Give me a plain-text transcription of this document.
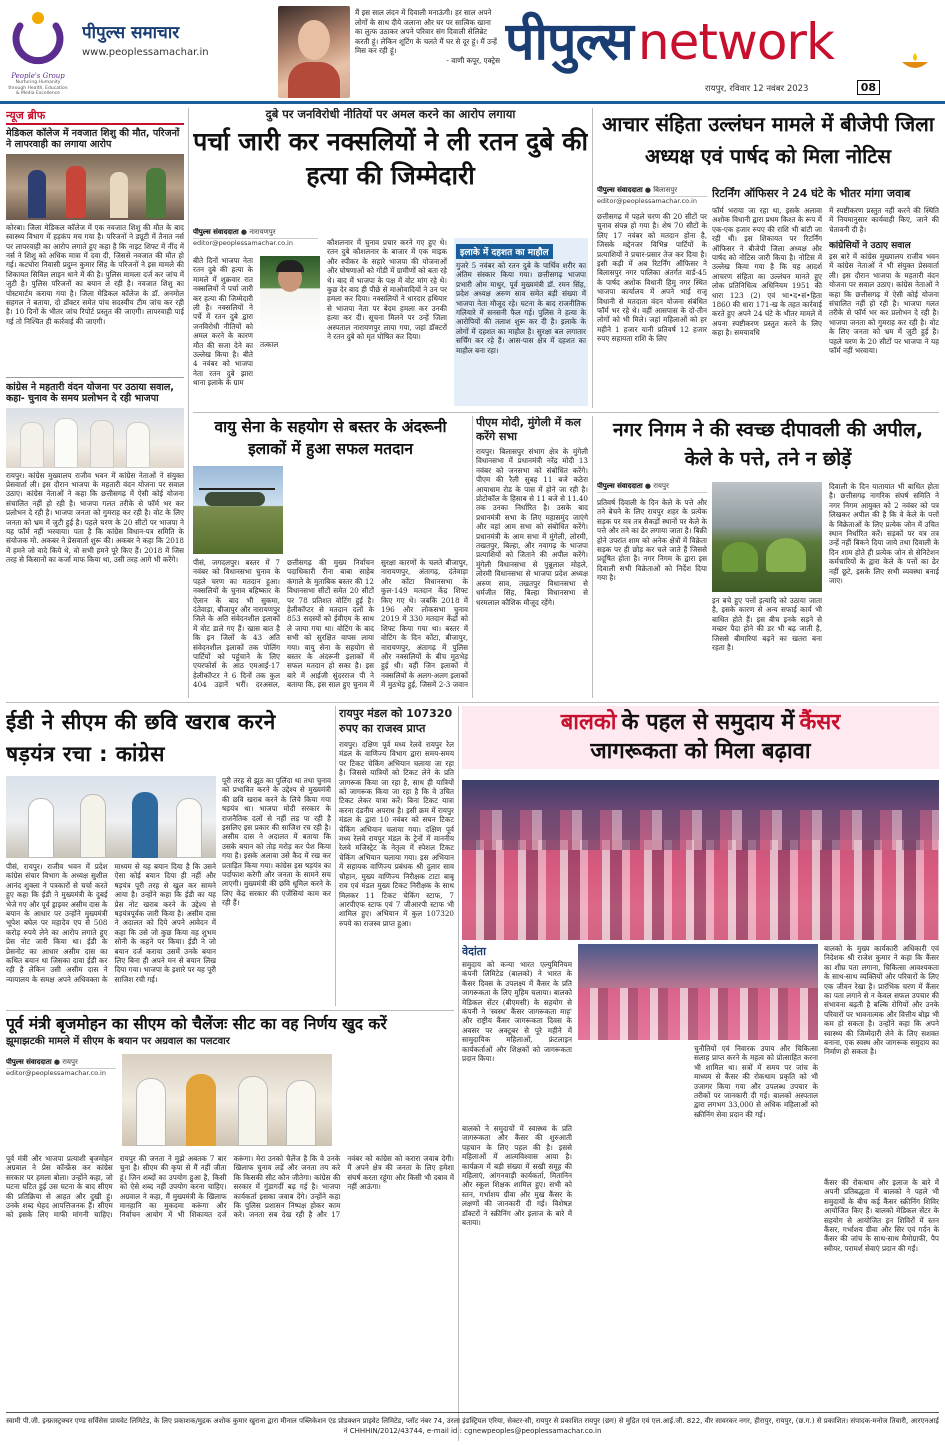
People's Group
Nurturing Humanity through Health, Education & Media Excellence
पीपुल्स समाचार
www.peoplessamachar.in
मैं इस साल लंदन में दिवाली मनाऊंगी। हर साल अपने लोगों के साथ दीये जलाना और घर पर सात्विक खाना का लुत्फ उठाकर अपने परिवार संग दिवाली सेलिब्रेट करती हूं। लेकिन शूटिंग के चलते मैं घर से दूर हूं। मैं उन्हें मिस कर रही हूं।
- वाणी कपूर, एक्ट्रेस पीपुल्स network
08
रायपुर, रविवार 12 नवंबर 2023
न्यूज ब्रीफ
मेडिकल कॉलेज में नवजात शिशु की मौत, परिजनों ने लापरवाही का लगाया आरोप
कोरबा। जिला मेडिकल कॉलेज में एक नवजात शिशु की मौत के बाद स्वास्थ्य विभाग में हड़कंप मच गया है। परिजनों ने ड्यूटी में तैनात नर्स पर लापरवाही का आरोप लगाते हुए कहा है कि नाइट शिफ्ट में नींद में नर्स ने शिशु को अधिक मात्रा में दवा दी, जिससे नवजात की मौत हो गई। कटघोरा निवासी प्रदुम्न कुमार सिंह के परिजनों ने इस मामले की शिकायत सिविल लाइन थाने में की है। पुलिस मामला दर्ज कर जांच में जुटी है। पुलिस परिजनों का बयान ले रही है। नवजात शिशु का पोस्टमार्टम कराया गया है। जिला मेडिकल कॉलेज के डॉ. अनमोल सहगल ने बताया, दो डॉक्टर समेत पांच सदस्यीय टीम जांच कर रही है। 10 दिनों के भीतर जांच रिपोर्ट प्रस्तुत की जाएगी। लापरवाही पाई गई तो निश्चित ही कार्रवाई की जाएगी।
कांग्रेस ने महतारी वंदन योजना पर उठाया सवाल, कहा- चुनाव के समय प्रलोभन दे रही भाजपा
रायपुर। कांग्रेस मुख्यालय राजीव भवन में कांग्रेस नेताओं ने संयुक्त प्रेसवार्ता ली। इस दौरान भाजपा के महतारी वंदन योजना पर सवाल उठाए। कांग्रेस नेताओं ने कहा कि छत्तीसगढ़ में ऐसी कोई योजना संचालित नहीं हो रही है। भाजपा गलत तरीके से फॉर्म भर कर प्रलोभन दे रही है। भाजपा जनता को गुमराह कर रही है। वोट के लिए जनता को भ्रम में जुटी हुई है। पहले चरण के 20 सीटों पर भाजपा ने यह फॉर्म नहीं भरवाया। पता है कि कांग्रेस विधान-पत्र समिति के संयोजक मो. अकबर ने प्रेसवार्ता शुरू की। अकबर ने कहा कि 2018 में हमने जो वादे किये थे, वो सभी हमने पूरे किए हैं। 2018 में जिस तरह से किसानों का कर्जा माफ किया था, उसी तरह आगे भी करेंगे।
दुबे पर जनविरोधी नीतियों पर अमल करने का आरोप लगाया
पर्चा जारी कर नक्सलियों ने ली रतन दुबे की हत्या की जिम्मेदारी
पीपुल्स संवाददाता ● नारायणपुर
editor@peoplessamachar.co.in
बीते दिनों भाजपा नेता रतन दुबे की हत्या के मामले में शुक्रवार रात नक्सलियों ने पर्चा जारी कर हत्या की जिम्मेदारी ली है। नक्सलियों ने पर्चे में रतन दुबे द्वारा जनविरोधी नीतियों को अमल करने के कारण मौत की सजा देने का उल्लेख किया है। बीते 4 नवंबर को भाजपा नेता रतन दुबे झारा थाना इलाके के ग्राम
तत्काल
कौशलनार में चुनाव प्रचार करने गए हुए थे। रतन दुबे कौशलनार के बाजार में एक माइक और स्पीकर के सहारे भाजपा की योजनाओं और घोषणाओं को गोंडी में ग्रामीणों को बता रहे थे। बाद में भाजपा के पक्ष में वोट मांग रहे थे। कुछ देर बाद ही पीछे से माओवादियों ने उन पर हमला कर दिया। नक्सलियों ने धारदार हथियार से भाजपा नेता पर बेदम हमला कर उनकी हत्या कर दी। सूचना मिलने पर उन्हें जिला अस्पताल नारायणपुर लाया गया, जहां डॉक्टरों ने रतन दुबे को मृत घोषित कर दिया।
इलाके में दहशत का माहौल
गुजरे 5 नवंबर को रतन दुबे के पार्थिव शरीर का अंतिम संस्कार किया गया। छत्तीसगढ़ भाजपा प्रभारी ओम माथुर, पूर्व मुख्यमंत्री डॉ. रमन सिंह, प्रदेश अध्यक्ष अरुण साव समेत बड़ी संख्या में भाजपा नेता मौजूद रहे। घटना के बाद राजनीतिक गलियारे में सनसनी फैल गई। पुलिस ने हत्या के आरोपियों की तलाश शुरू कर दी है। इलाके के लोगों में दहशत का माहौल है। सुरक्षा बल लगातार सर्चिंग कर रहे हैं। आस-पास क्षेत्र में दहशत का माहौल बना रहा।
आचार संहिता उल्लंघन मामले में बीजेपी जिला अध्यक्ष एवं पार्षद को मिला नोटिस
पीपुल्स संवाददाता ● बिलासपुर
editor@peoplessamachar.co.in
छत्तीसगढ़ में पहले चरण की 20 सीटों पर चुनाव संपन्न हो गया है। शेष 70 सीटों के लिए 17 नवंबर को मतदान होना है, जिसके मद्देनजर विभिन्न पार्टियों के प्रत्याशियों ने प्रचार-प्रसार तेज कर दिया है। इसी कड़ी में अब रिटर्निंग ऑफिसर ने बिलासपुर नगर पालिका अंतर्गत वार्ड-45 के पार्षद अशोक विधानी हिमु नगर स्थित भाजपा कार्यालय में अपने भाई राजू विधानी से मतदाता वंदन योजना संबंधित फॉर्म भर रहे थे। वहीं आसपास के दो-तीन लोगों को भी मिले। जहां महिलाओं को हर महीने 1 हजार यानी प्रतिवर्ष 12 हजार रुपए सहायता राशि के लिए
रिटर्निंग ऑफिसर ने 24 घंटे के भीतर मांगा जवाब
फॉर्म भराया जा रहा था, इसके अलावा अशोक विधानी द्वारा प्रथम किश्त के रूप में एक-एक हजार रुपए की राशि भी बांटी जा रही थी। इस शिकायत पर रिटर्निंग ऑफिसर ने बीजेपी जिला अध्यक्ष और पार्षद को नोटिस जारी किया है। नोटिस में उल्लेख किया गया है कि यह आदर्श आचरण संहिता का उल्लंघन मानते हुए लोक प्रतिनिधित्व अधिनियम 1951 की धारा 123 (2) एवं भा•द•सं•हिता 1860 की धारा 171-ख के तहत कार्रवाई करते हुए अपने 24 घंटे के भीतर मामले में अपना स्पष्टीकरण प्रस्तुत करने के लिए कहा है। समयावधि
में स्पष्टीकरण प्रस्तुत नहीं करने की स्थिति में नियमानुसार कार्यवाही किए, जाने की चेतावनी दी है।
कांग्रेसियों ने उठाए सवाल
इस बारे में कांग्रेस मुख्यालय राजीव भवन में कांग्रेस नेताओं ने भी संयुक्त प्रेसवार्ता ली। इस दौरान भाजपा के महतारी वंदन योजना पर सवाल उठाए। कांग्रेस नेताओं ने कहा कि छत्तीसगढ़ में ऐसी कोई योजना संचालित नहीं हो रही है। भाजपा गलत तरीके से फॉर्म भर कर प्रलोभन दे रही है। भाजपा जनता को गुमराह कर रही है। वोट के लिए जनता को भ्रम में जुटी हुई है। पहले चरण के 20 सीटों पर भाजपा ने यह फॉर्म नहीं भरवाया।
वायु सेना के सहयोग से बस्तर के अंदरूनी इलाकों में हुआ सफल मतदान
पीसं, जगदलपुर। बस्तर में 7 नवंबर को विधानसभा चुनाव के पहले चरण का मतदान हुआ। नक्सलियों के चुनाव बहिष्कार के ऐलान के बाद भी सुकमा, दंतेवाड़ा, बीजापुर और नारायणपुर जिले के अति संवेदनशील इलाकों में वोट डाले गए हैं। खास बात है कि इन जिलों के 43 अति संवेदनशील इलाकों तक पोलिंग पार्टियों को पहुंचाने के लिए एयरफोर्स के आठ एमआई-17 हेलीकॉप्टर ने 6 दिनों तक कुल 404 उड़ानें भरीं। दरअसल, छत्तीसगढ़ की मुख्य निर्वाचन पदाधिकारी रीना बाबा साहेब कंगाले के मुताबिक बस्तर की 12 विधानसभा सीटों समेत 20 सीटों पर 78 प्रतिशत वोटिंग हुई है। हेलीकॉप्टर से मतदान दलों के 853 सदस्यों को ईवीएम के साथ ले जाया गया था। वोटिंग के बाद सभी को सुरक्षित वापस लाया गया। वायु सेना के सहयोग से बस्तर के अंदरूनी इलाकों में सफल मतदान हो सका है। इस बारे में आईजी सुंदरराज पी ने बताया कि, इस साल हुए चुनाव में सुरक्षा कारणों के चलते बीजापुर, नारायणपुर, अंतागढ़, दंतेवाड़ा और कोंटा विधानसभा के कुल-149 मतदान केंद्र शिफ्ट किए गए थे। जबकि 2018 में 196 और लोकसभा चुनाव 2019 में 330 मतदान केंद्रों को शिफ्ट किया गया था। बस्तर में वोटिंग के दिन कोंटा, बीजापुर, नारायणपुर, अंतागढ़ में पुलिस और नक्सलियों के बीच मुठभेड़ हुई थी। वहीं जिन इलाकों में नक्सलियों के अलग-अलग इलाकों में मुठभेड़ हुई, जिसमें 2-3 जवान
पीएम मोदी, मुंगेली में कल करेंगे सभा
रायपुर। बिलासपुर संभाग क्षेत्र के मुंगेली विधानसभा में प्रधानमंत्री नरेंद्र मोदी 13 नवंबर को जनसभा को संबोधित करेंगे। पीएम की रैली सुबह 11 बजे कठेरा आयाधाम रोड के पास में होने जा रही है। प्रोटोकॉल के हिसाब से 11 बजे से 11.40 तक उनका निर्धारित है। उसके बाद प्रधानमंत्री सभा के लिए महासमुंद जाएंगे और वहां आम सभा को संबोधित करेंगे। प्रधानमंत्री के आम सभा में मुंगेली, लोरमी, तखतपुर, बिल्हा, और नवागढ़ के भाजपा प्रत्याशियों को जिताने की अपील करेंगे। मुंगेली विधानसभा से पुन्नूलाल मोहले, लोरमी विधानसभा से भाजपा प्रदेश अध्यक्ष अरुण साव, तखतपुर विधानसभा से धर्मजीत सिंह, बिल्हा विधानसभा से धरमलाल कौशिक मौजूद रहेंगे।
नगर निगम ने की स्वच्छ दीपावली की अपील, केले के पत्ते, तने न छोड़ें
पीपुल्स संवाददाता ● रायपुर
प्रतिवर्ष दिवाली के दिन केले के पत्ते और तने बेचने के लिए रायपुर शहर के प्रत्येक सड़क पर यत्र तत्र सैकड़ों स्थानों पर केले के पत्ते और तने का ढेर लगाया जाता है। बिक्री होने उपरांत शाम को अनेक क्षेत्रों में विक्रेता सड़क पर ही छोड़ कर चले जाते हैं जिससे प्रदूषित होता है। नगर निगम के द्वारा इस दिवाली सभी विक्रेताओं को निर्देश दिया गया है।
इन बचे हुए पत्तों इत्यादि को उठाया जाता है, इसके कारण से अन्य सफाई कार्य भी बाधित होते हैं। इस बीच इनके सड़ने से मच्छर पैदा होने की डर भी बढ़ जाती है, जिससे बीमारियां बढ़ने का खतरा बना रहता है।
दिवाली के दिन यातायात भी बाधित होता है। छत्तीसगढ़ नागरिक संघर्ष समिति ने नगर निगम आयुक्त को 2 नवंबर को पत्र लिखकर अपील की है कि वे केले के पत्तों के विक्रेताओं के लिए प्रत्येक जोन में उचित स्थान निर्धारित करें। सड़कों पर यत्र तत्र उन्हें नहीं बिकने दिया जाये तथा दिवाली के दिन शाम होते ही प्रत्येक जोन से सेनिटेशन कर्मचारियों के द्वारा केले के पत्तों का ढेर नहीं छूटे, इसके लिए सभी व्यवस्था बनाई जाए।
ईडी ने सीएम की छवि खराब करने षड़यंत्र रचा : कांग्रेस
पीसं, रायपुर। राजीव भवन में प्रदेश कांग्रेस संचार विभाग के अध्यक्ष सुशील आनंद शुक्ला ने पत्रकारों से चर्चा करते हुए कहा कि ईडी ने मुख्यमंत्री के दुबई भेजे गए और पूर्व ड्राइवर असीम दास के बयान के आधार पर उन्होंने मुख्यमंत्री भूपेश बघेल पर महादेव एप से 508 करोड़ रुपये लेने का आरोप लगाते हुए प्रेस नोट जारी किया था। ईडी के प्रेसनोट का आधार असीम दास का कथित बयान था जिसका दावा ईडी कर रही है लेकिन उसी असीम दास ने न्यायालय के समक्ष अपने अधिवक्ता के माध्यम से यह बयान दिया है कि उसने ऐसा कोई बयान दिया ही नहीं और षड़यंत्र पूरी तरह से खुल कर सामने आया है। उन्होंने कहा कि ईडी का यह प्रेस नोट खराब करने के उद्देश्य से षड़यंत्रपूर्वक जारी किया है। असीम दास ने अदालत को दिये अपने आवेदन में कहा कि उसे जो कुछ किया वह शुभम सोनी के कहने पर किया। ईडी ने जो बयान दर्ज कराया उसमें उनके बयान लिए बिना ही अपने मन से बयान लिख दिया गया। भाजपा के इशारे पर यह पूरी साजिश रची गई।
पूरी तरह से झूठ का पुलिंदा था तथा चुनाव को प्रभावित करने के उद्देश्य से मुख्यमंत्री की छवि खराब करने के लिये किया गया षड़यंत्र था। भाजपा मोदी सरकार के राजनैतिक दलों से नहीं लड़ पा रही है इसलिए इस प्रकार की साजिश रच रही है। असीम दास ने अदालत में बताया कि उसके बयान को तोड़ मरोड़ कर पेश किया गया है। इसके अलावा उसे कैद में रख कर प्रताड़ित किया गया। कांग्रेस इस षड़यंत्र का पर्दाफाश करेगी और जनता के सामने सच लाएगी। मुख्यमंत्री की छवि धूमिल करने के लिए केंद्र सरकार की एजेंसियां काम कर रही हैं।
रायपुर मंडल को 107320 रुपए का राजस्व प्राप्त
रायपुर। दक्षिण पूर्व मध्य रेलवे रायपुर रेल मंडल के वाणिज्य विभाग द्वारा समय-समय पर टिकट चेकिंग अभियान चलाया जा रहा है। जिससे यात्रियों को टिकट लेने के प्रति जागरूक किया जा रहा है, साथ ही यात्रियों को जागरूक किया जा रहा है कि वे उचित टिकट लेकर यात्रा करें। बिना टिकट यात्रा करना दंडनीय अपराध है। इसी क्रम में रायपुर मंडल के द्वारा 10 नवंबर को सघन टिकट चेकिंग अभियान चलाया गया। दक्षिण पूर्व मध्य रेलवे रायपुर मंडल के ट्रेनों में माननीय रेलवे मजिस्ट्रेट के नेतृत्व में स्पेशल टिकट चेकिंग अभियान चलाया गया। इस अभियान में सहायक वाणिज्य प्रबंधक श्री दुलार साव चौहान, मुख्य वाणिज्य निरीक्षक टाटा बाबू राव एवं मंडल मुख्य टिकट निरीक्षक के साथ मिलकर 11 टिकट चेकिंग स्टाफ, 7 आरपीएफ स्टाफ एवं 7 जीआरपी स्टाफ भी शामिल हुए। अभियान में कुल 107320 रुपये का राजस्व प्राप्त हुआ।
बालको के पहल से समुदाय में कैंसर
जागरूकता को मिला बढ़ावा
वेदांता
समुदाय को कन्या भारत एल्युमिनियम कंपनी लिमिटेड (बालको) ने भारत के कैंसर दिवस के उपलक्ष्य में कैंसर के प्रति जागरूकता के लिए मुहिम चलाया। बालको मेडिकल सेंटर (बीएमसी) के सहयोग से कंपनी ने 'स्वस्थ' कैंसर जागरूकता माह' और राष्ट्रीय कैंसर जागरूकता दिवस के अवसर पर अक्टूबर से पूरे महीने में सामुदायिक महिलाओं, फ्रंटलाइन कार्यकर्ताओं और शिक्षकों को जागरूकता प्रदान किया।
बालको ने समुदायों में स्वास्थ्य के प्रति जागरूकता और कैंसर की शुरुआती पहचान के लिए पहल की है। इससे महिलाओं में आत्मविश्वास आया है। कार्यक्रम में बड़ी संख्या में सखी समूह की महिलाएं, आंगनवाड़ी कार्यकर्ता, मितानिन और स्कूल शिक्षक शामिल हुए। सभी को स्तन, गर्भाशय ग्रीवा और मुख कैंसर के लक्षणों की जानकारी दी गई। विशेषज्ञ डॉक्टरों ने स्क्रीनिंग और इलाज के बारे में बताया।
चुनौतियों एवं निवारक उपाय और चिकित्सा सलाह प्राप्त करने के महत्व को प्रोत्साहित करना भी शामिल था। सत्रों में समय पर जांच के माध्यम से कैंसर की रोकथाम प्रकृति को भी उजागर किया गया और उपलब्ध उपचार के तरीकों पर जानकारी दी गई। बालको अस्पताल द्वारा लगभग 33,000 से अधिक महिलाओं को स्क्रीनिंग सेवा प्रदान की गई।
बालको के मुख्य कार्यकारी अधिकारी एवं निदेशक श्री राजेश कुमार ने कहा कि कैंसर का शीघ्र पता लगाना, चिकित्सा आवश्यकता के साथ-साथ व्यक्तियों और परिवारों के लिए एक जीवन रेखा है। प्रारंभिक चरण में कैंसर का पता लगाने से न केवल सफल उपचार की संभावना बढ़ती है बल्कि रोगियों और उनके परिवारों पर भावनात्मक और वित्तीय बोझ भी कम हो सकता है। उन्होंने कहा कि अपने स्वास्थ्य की जिम्मेदारी लेने के लिए सशक्त बनाना, एक स्वस्थ और जागरूक समुदाय का निर्माण हो सकता है।
कैंसर की रोकथाम और इलाज के बारे में अपनी प्रतिबद्धता में बालको ने पहले भी समुदायों के बीच कई कैंसर स्क्रीनिंग शिविर आयोजित किए हैं। बालको मेडिकल सेंटर के सहयोग से आयोजित इन शिविरों में स्तन कैंसर, गर्भाशय ग्रीवा और सिर एवं गर्दन के कैंसर की जांच के साथ-साथ मैमोग्राफी, पैप स्मीयर, परामर्श सेवाएं प्रदान की गईं।
पूर्व मंत्री बृजमोहन का सीएम को चैलेंजः सीट का वह निर्णय खुद करें
झूमाझटकी मामले में सीएम के बयान पर अग्रवाल का पलटवार
पीपुल्स संवाददाता ● रायपुर
editor@peoplessamachar.co.in
पूर्व मंत्री और भाजपा प्रत्याशी बृजमोहन अग्रवाल ने प्रेस कॉन्फ्रेंस कर कांग्रेस सरकार पर हमला बोला। उन्होंने कहा, जो घटना घटित हुई उस घटना के बाद सीएम की प्रतिक्रिया से आहत और दुखी हूं। उनके शब्द थेहद आपत्तिजनक हैं। सीएम को इसके लिए माफी मांगनी चाहिए। रायपुर की जनता ने मुझे अबतक 7 बार चुना है। सीएम की कृपा से मैं नहीं जीता हूं। जिन शब्दों का उपयोग हुआ है, किसी को ऐसे शब्द नहीं उपयोग करना चाहिए। अग्रवाल ने कहा, मैं मुख्यमंत्री के खिलाफ मानहानि का मुकदमा करूंगा और निर्वाचन आयोग में भी शिकायत दर्ज करूंगा। मेरा उनको चैलेंज है कि वे उनके खिलाफ चुनाव लड़ें और जनता तय करे कि किसकी सीट कौन जीतेगा। कांग्रेस की सरकार में गुंडागर्दी बढ़ गई है। भाजपा कार्यकर्ता इसका जवाब देंगे। उन्होंने कहा कि पुलिस प्रशासन निष्पक्ष होकर काम करे। जनता सब देख रही है और 17 नवंबर को कांग्रेस को करारा जवाब देगी। मैं अपने क्षेत्र की जनता के लिए हमेशा संघर्ष करता रहूंगा और किसी भी दबाव में नहीं आऊंगा।
स्वामी पी.जी. इन्फ्रास्ट्रक्चर एण्ड सर्विसेस प्रायवेट लिमिटेड, के लिए प्रकाशक/मुद्रक अशोक कुमार खुराना द्वारा मीनाल पब्लिकेशन एंड प्रोडक्शन प्राइवेट लिमिटेड, प्लॉट नंबर 74, उरला इंडस्ट्रियल एरिया, सेक्टर-सी, रायपुर से प्रकाशित रायपुर (छग) से मुद्रित एवं एल.आई.जी. 822, वीर सावरकर नगर, हीरापुर, रायपुर, (छ.ग.) से प्रकाशित। संपादक-मनोज तिवारी, आरएनआई नं CHHHIN/2012/43744, e-mail id : cgnewpeoples@peoplessamachar.co.in
